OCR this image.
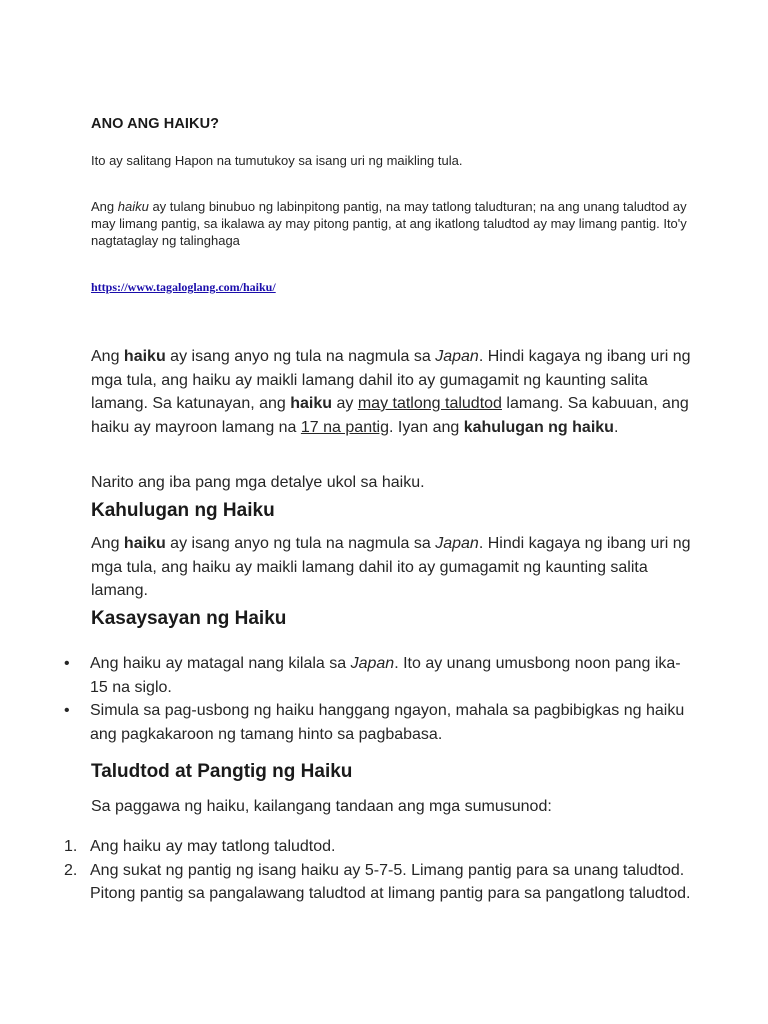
ANO ANG HAIKU?
Ito ay salitang Hapon na tumutukoy sa isang uri ng maikling tula.
Ang haiku ay tulang binubuo ng labinpitong pantig, na may tatlong taludturan; na ang unang taludtod ay may limang pantig, sa ikalawa ay may pitong pantig, at ang ikatlong taludtod ay may limang pantig. Ito'y nagtataglay ng talinghaga
https://www.tagaloglang.com/haiku/
Ang haiku ay isang anyo ng tula na nagmula sa Japan. Hindi kagaya ng ibang uri ng mga tula, ang haiku ay maikli lamang dahil ito ay gumagamit ng kaunting salita lamang. Sa katunayan, ang haiku ay may tatlong taludtod lamang. Sa kabuuan, ang haiku ay mayroon lamang na 17 na pantig. Iyan ang kahulugan ng haiku.
Narito ang iba pang mga detalye ukol sa haiku.
Kahulugan ng Haiku
Ang haiku ay isang anyo ng tula na nagmula sa Japan. Hindi kagaya ng ibang uri ng mga tula, ang haiku ay maikli lamang dahil ito ay gumagamit ng kaunting salita lamang.
Kasaysayan ng Haiku
•	Ang haiku ay matagal nang kilala sa Japan. Ito ay unang umusbong noon pang ika-15 na siglo.
•	Simula sa pag-usbong ng haiku hanggang ngayon, mahala sa pagbibigkas ng haiku ang pagkakaroon ng tamang hinto sa pagbabasa.
Taludtod at Pangtig ng Haiku
Sa paggawa ng haiku, kailangang tandaan ang mga sumusunod:
1. Ang haiku ay may tatlong taludtod.
2. Ang sukat ng pantig ng isang haiku ay 5-7-5. Limang pantig para sa unang taludtod. Pitong pantig sa pangalawang taludtod at limang pantig para sa pangatlong taludtod.
